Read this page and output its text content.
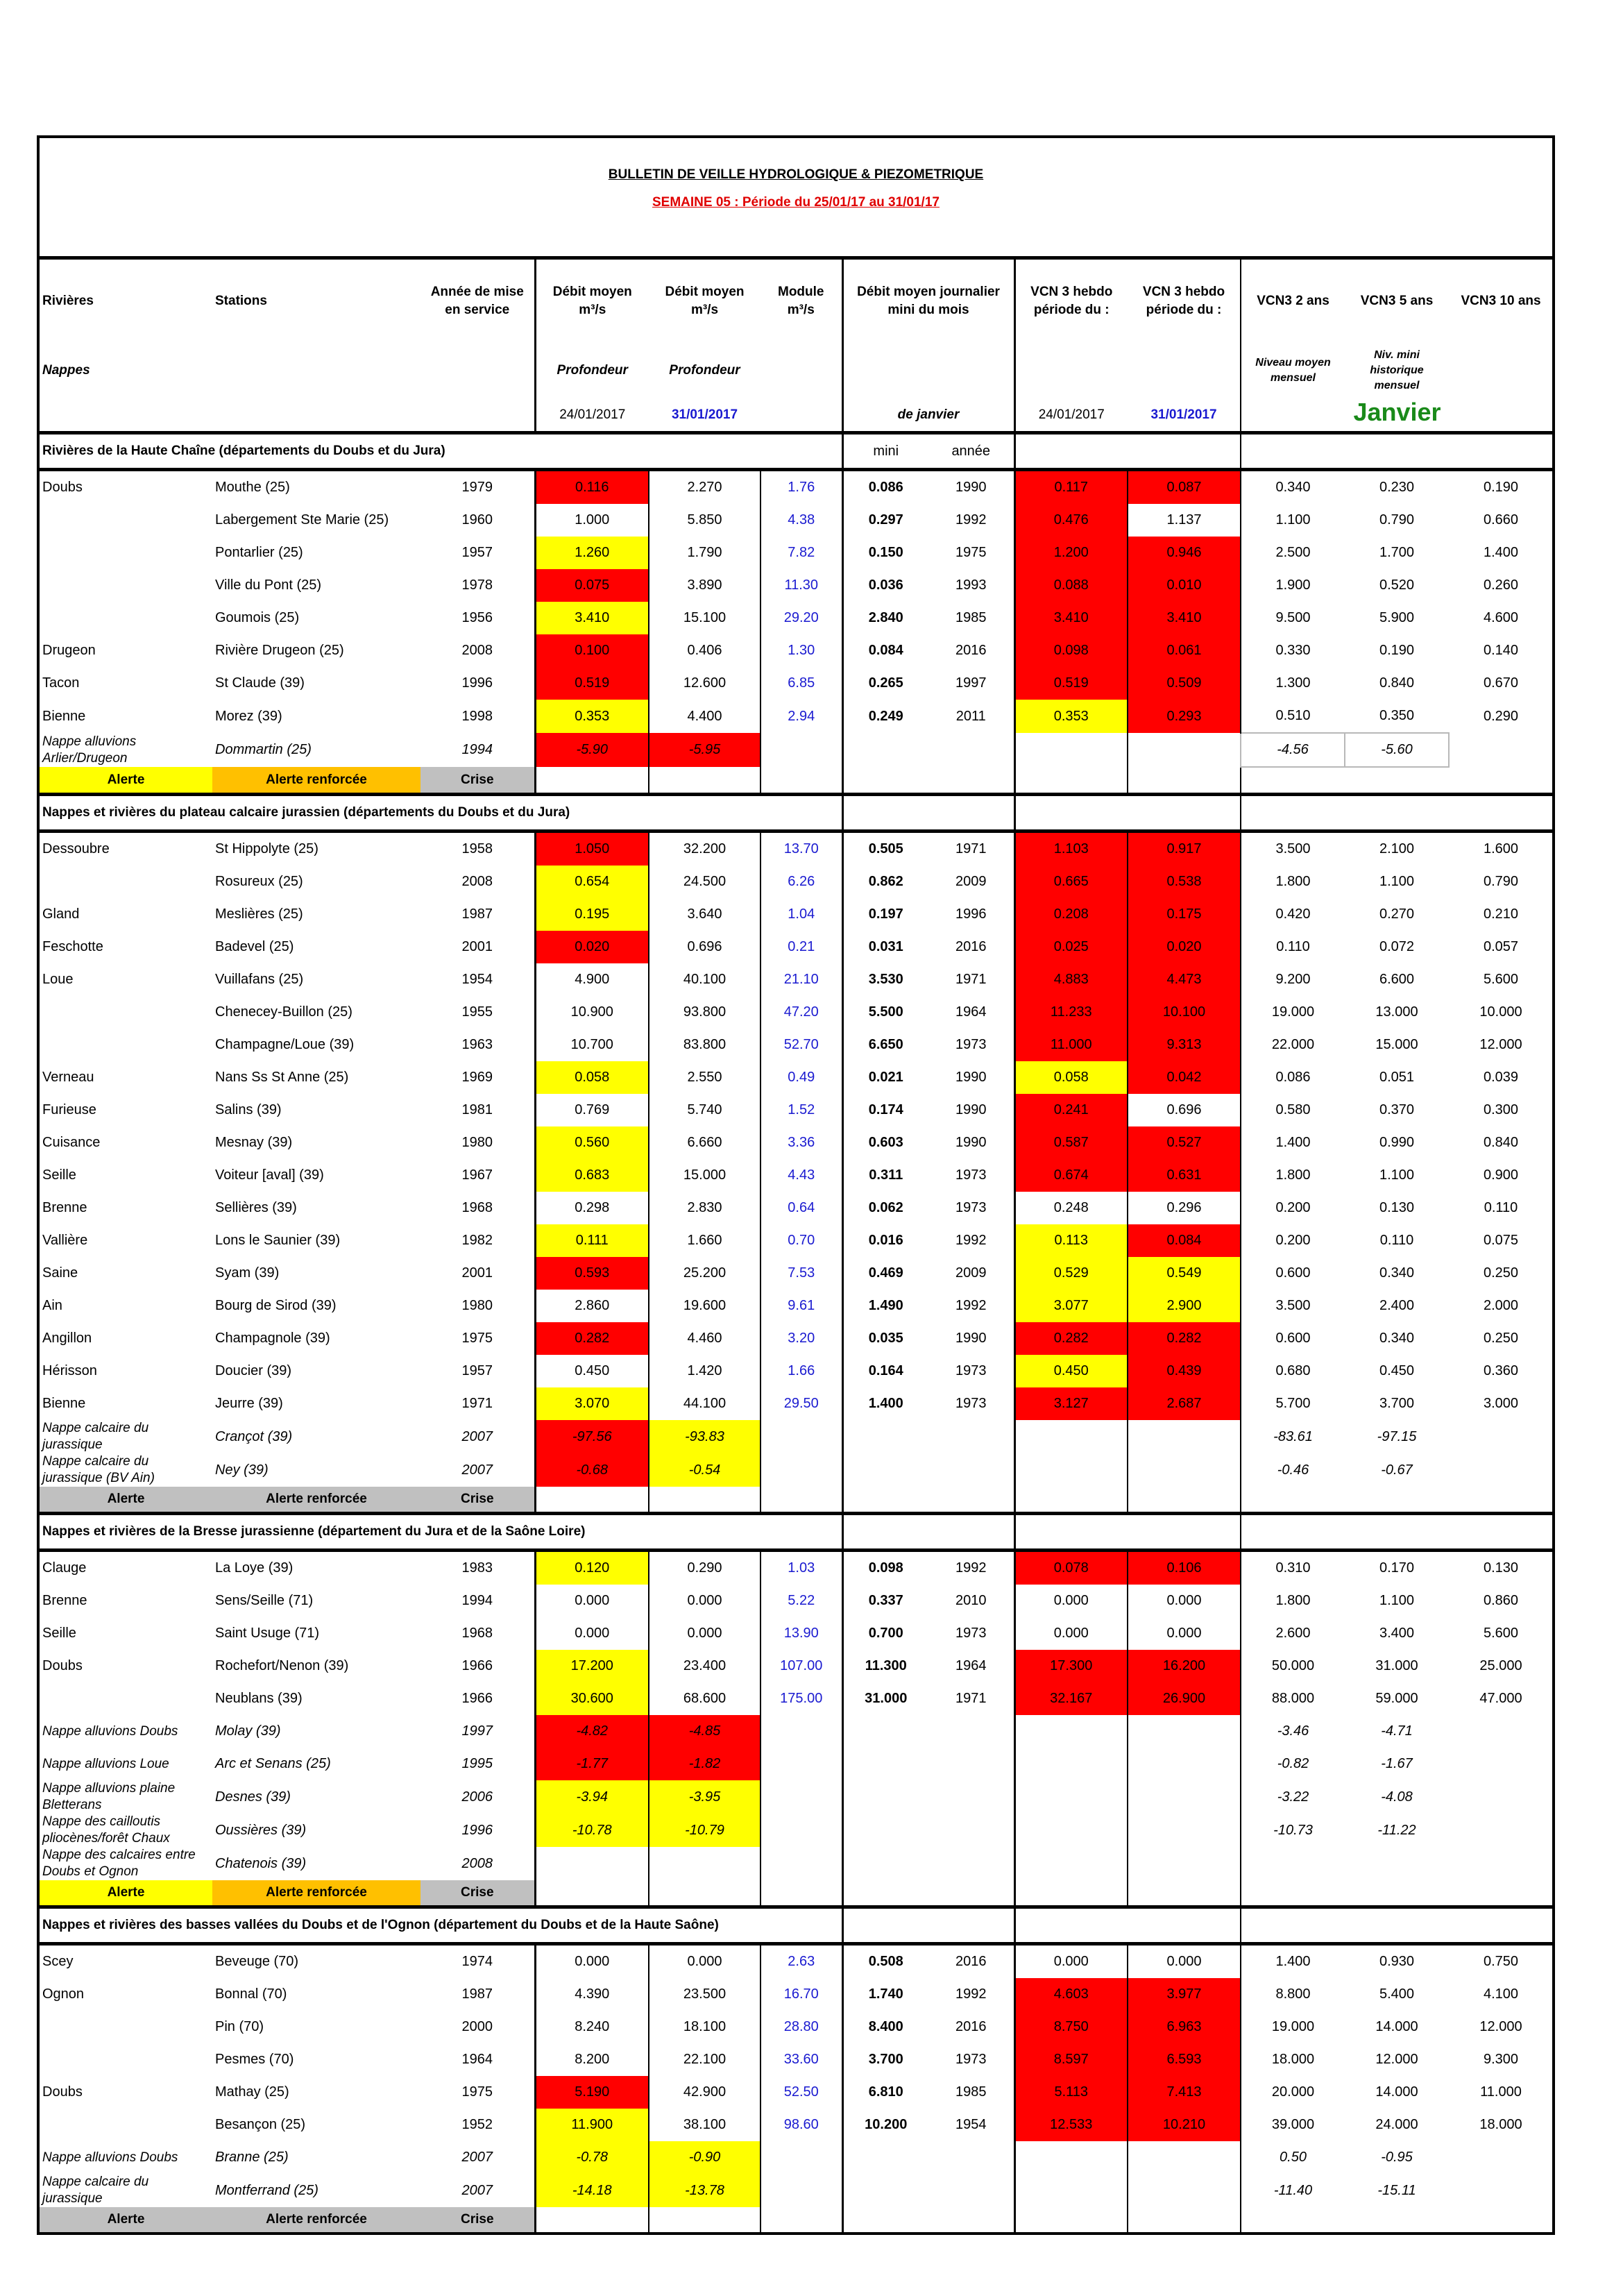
BULLETIN DE VEILLE HYDROLOGIQUE & PIEZOMETRIQUE
SEMAINE 05 : Période du 25/01/17 au 31/01/17
Rivières	Stations	Année de mise en service	Débit moyen m³/s	Débit moyen m³/s	Module m³/s	Débit moyen journalier mini du mois		VCN 3 hebdo période du :	VCN 3 hebdo période du :	VCN3 2 ans	VCN3 5 ans	VCN3 10 ans
Nappes			Profondeur	Profondeur						Niveau moyen mensuel	Niv. mini historique mensuel	
			24/01/2017	31/01/2017		de janvier		24/01/2017	31/01/2017	Janvier		
Rivières de la Haute Chaîne (départements du Doubs et du Jura)						mini	année					
Doubs	Mouthe (25)	1979	0.116	2.270	1.76	0.086	1990	0.117	0.087	0.340	0.230	0.190
	Labergement Ste Marie (25)	1960	1.000	5.850	4.38	0.297	1992	0.476	1.137	1.100	0.790	0.660
	Pontarlier (25)	1957	1.260	1.790	7.82	0.150	1975	1.200	0.946	2.500	1.700	1.400
	Ville du Pont (25)	1978	0.075	3.890	11.30	0.036	1993	0.088	0.010	1.900	0.520	0.260
	Goumois (25)	1956	3.410	15.100	29.20	2.840	1985	3.410	3.410	9.500	5.900	4.600
Drugeon	Rivière Drugeon (25)	2008	0.100	0.406	1.30	0.084	2016	0.098	0.061	0.330	0.190	0.140
Tacon	St Claude (39)	1996	0.519	12.600	6.85	0.265	1997	0.519	0.509	1.300	0.840	0.670
Bienne	Morez (39)	1998	0.353	4.400	2.94	0.249	2011	0.353	0.293	0.510	0.350	0.290
Nappe alluvions Arlier/Drugeon	Dommartin (25)	1994	-5.90	-5.95						-4.56	-5.60	
Alerte	Alerte renforcée	Crise										
Nappes et rivières du plateau calcaire jurassien (départements du Doubs et du Jura)												
Dessoubre	St Hippolyte (25)	1958	1.050	32.200	13.70	0.505	1971	1.103	0.917	3.500	2.100	1.600
	Rosureux (25)	2008	0.654	24.500	6.26	0.862	2009	0.665	0.538	1.800	1.100	0.790
Gland	Meslières (25)	1987	0.195	3.640	1.04	0.197	1996	0.208	0.175	0.420	0.270	0.210
Feschotte	Badevel (25)	2001	0.020	0.696	0.21	0.031	2016	0.025	0.020	0.110	0.072	0.057
Loue	Vuillafans (25)	1954	4.900	40.100	21.10	3.530	1971	4.883	4.473	9.200	6.600	5.600
	Chenecey-Buillon (25)	1955	10.900	93.800	47.20	5.500	1964	11.233	10.100	19.000	13.000	10.000
	Champagne/Loue (39)	1963	10.700	83.800	52.70	6.650	1973	11.000	9.313	22.000	15.000	12.000
Verneau	Nans Ss St Anne (25)	1969	0.058	2.550	0.49	0.021	1990	0.058	0.042	0.086	0.051	0.039
Furieuse	Salins (39)	1981	0.769	5.740	1.52	0.174	1990	0.241	0.696	0.580	0.370	0.300
Cuisance	Mesnay (39)	1980	0.560	6.660	3.36	0.603	1990	0.587	0.527	1.400	0.990	0.840
Seille	Voiteur [aval] (39)	1967	0.683	15.000	4.43	0.311	1973	0.674	0.631	1.800	1.100	0.900
Brenne	Sellières (39)	1968	0.298	2.830	0.64	0.062	1973	0.248	0.296	0.200	0.130	0.110
Vallière	Lons le Saunier (39)	1982	0.111	1.660	0.70	0.016	1992	0.113	0.084	0.200	0.110	0.075
Saine	Syam (39)	2001	0.593	25.200	7.53	0.469	2009	0.529	0.549	0.600	0.340	0.250
Ain	Bourg de Sirod (39)	1980	2.860	19.600	9.61	1.490	1992	3.077	2.900	3.500	2.400	2.000
Angillon	Champagnole (39)	1975	0.282	4.460	3.20	0.035	1990	0.282	0.282	0.600	0.340	0.250
Hérisson	Doucier (39)	1957	0.450	1.420	1.66	0.164	1973	0.450	0.439	0.680	0.450	0.360
Bienne	Jeurre (39)	1971	3.070	44.100	29.50	1.400	1973	3.127	2.687	5.700	3.700	3.000
Nappe calcaire du jurassique	Crançot (39)	2007	-97.56	-93.83						-83.61	-97.15	
Nappe calcaire du jurassique (BV Ain)	Ney (39)	2007	-0.68	-0.54						-0.46	-0.67	
Alerte	Alerte renforcée	Crise										
Nappes et rivières de la Bresse jurassienne (département du Jura et de la Saône Loire)												
Clauge	La Loye (39)	1983	0.120	0.290	1.03	0.098	1992	0.078	0.106	0.310	0.170	0.130
Brenne	Sens/Seille (71)	1994	0.000	0.000	5.22	0.337	2010	0.000	0.000	1.800	1.100	0.860
Seille	Saint Usuge (71)	1968	0.000	0.000	13.90	0.700	1973	0.000	0.000	2.600	3.400	5.600
Doubs	Rochefort/Nenon (39)	1966	17.200	23.400	107.00	11.300	1964	17.300	16.200	50.000	31.000	25.000
	Neublans (39)	1966	30.600	68.600	175.00	31.000	1971	32.167	26.900	88.000	59.000	47.000
Nappe alluvions Doubs	Molay (39)	1997	-4.82	-4.85						-3.46	-4.71	
Nappe alluvions Loue	Arc et Senans (25)	1995	-1.77	-1.82						-0.82	-1.67	
Nappe alluvions plaine Bletterans	Desnes (39)	2006	-3.94	-3.95						-3.22	-4.08	
Nappe des cailloutis pliocènes/forêt Chaux	Oussières (39)	1996	-10.78	-10.79						-10.73	-11.22	
Nappe des calcaires entre Doubs et Ognon	Chatenois (39)	2008										
Alerte	Alerte renforcée	Crise										
Nappes et rivières des basses vallées du Doubs et de l'Ognon (département du Doubs et de la Haute Saône)												
Scey	Beveuge (70)	1974	0.000	0.000	2.63	0.508	2016	0.000	0.000	1.400	0.930	0.750
Ognon	Bonnal (70)	1987	4.390	23.500	16.70	1.740	1992	4.603	3.977	8.800	5.400	4.100
	Pin (70)	2000	8.240	18.100	28.80	8.400	2016	8.750	6.963	19.000	14.000	12.000
	Pesmes (70)	1964	8.200	22.100	33.60	3.700	1973	8.597	6.593	18.000	12.000	9.300
Doubs	Mathay (25)	1975	5.190	42.900	52.50	6.810	1985	5.113	7.413	20.000	14.000	11.000
	Besançon (25)	1952	11.900	38.100	98.60	10.200	1954	12.533	10.210	39.000	24.000	18.000
Nappe alluvions Doubs	Branne (25)	2007	-0.78	-0.90						0.50	-0.95	
Nappe calcaire du jurassique	Montferrand (25)	2007	-14.18	-13.78						-11.40	-15.11	
Alerte	Alerte renforcée	Crise										
